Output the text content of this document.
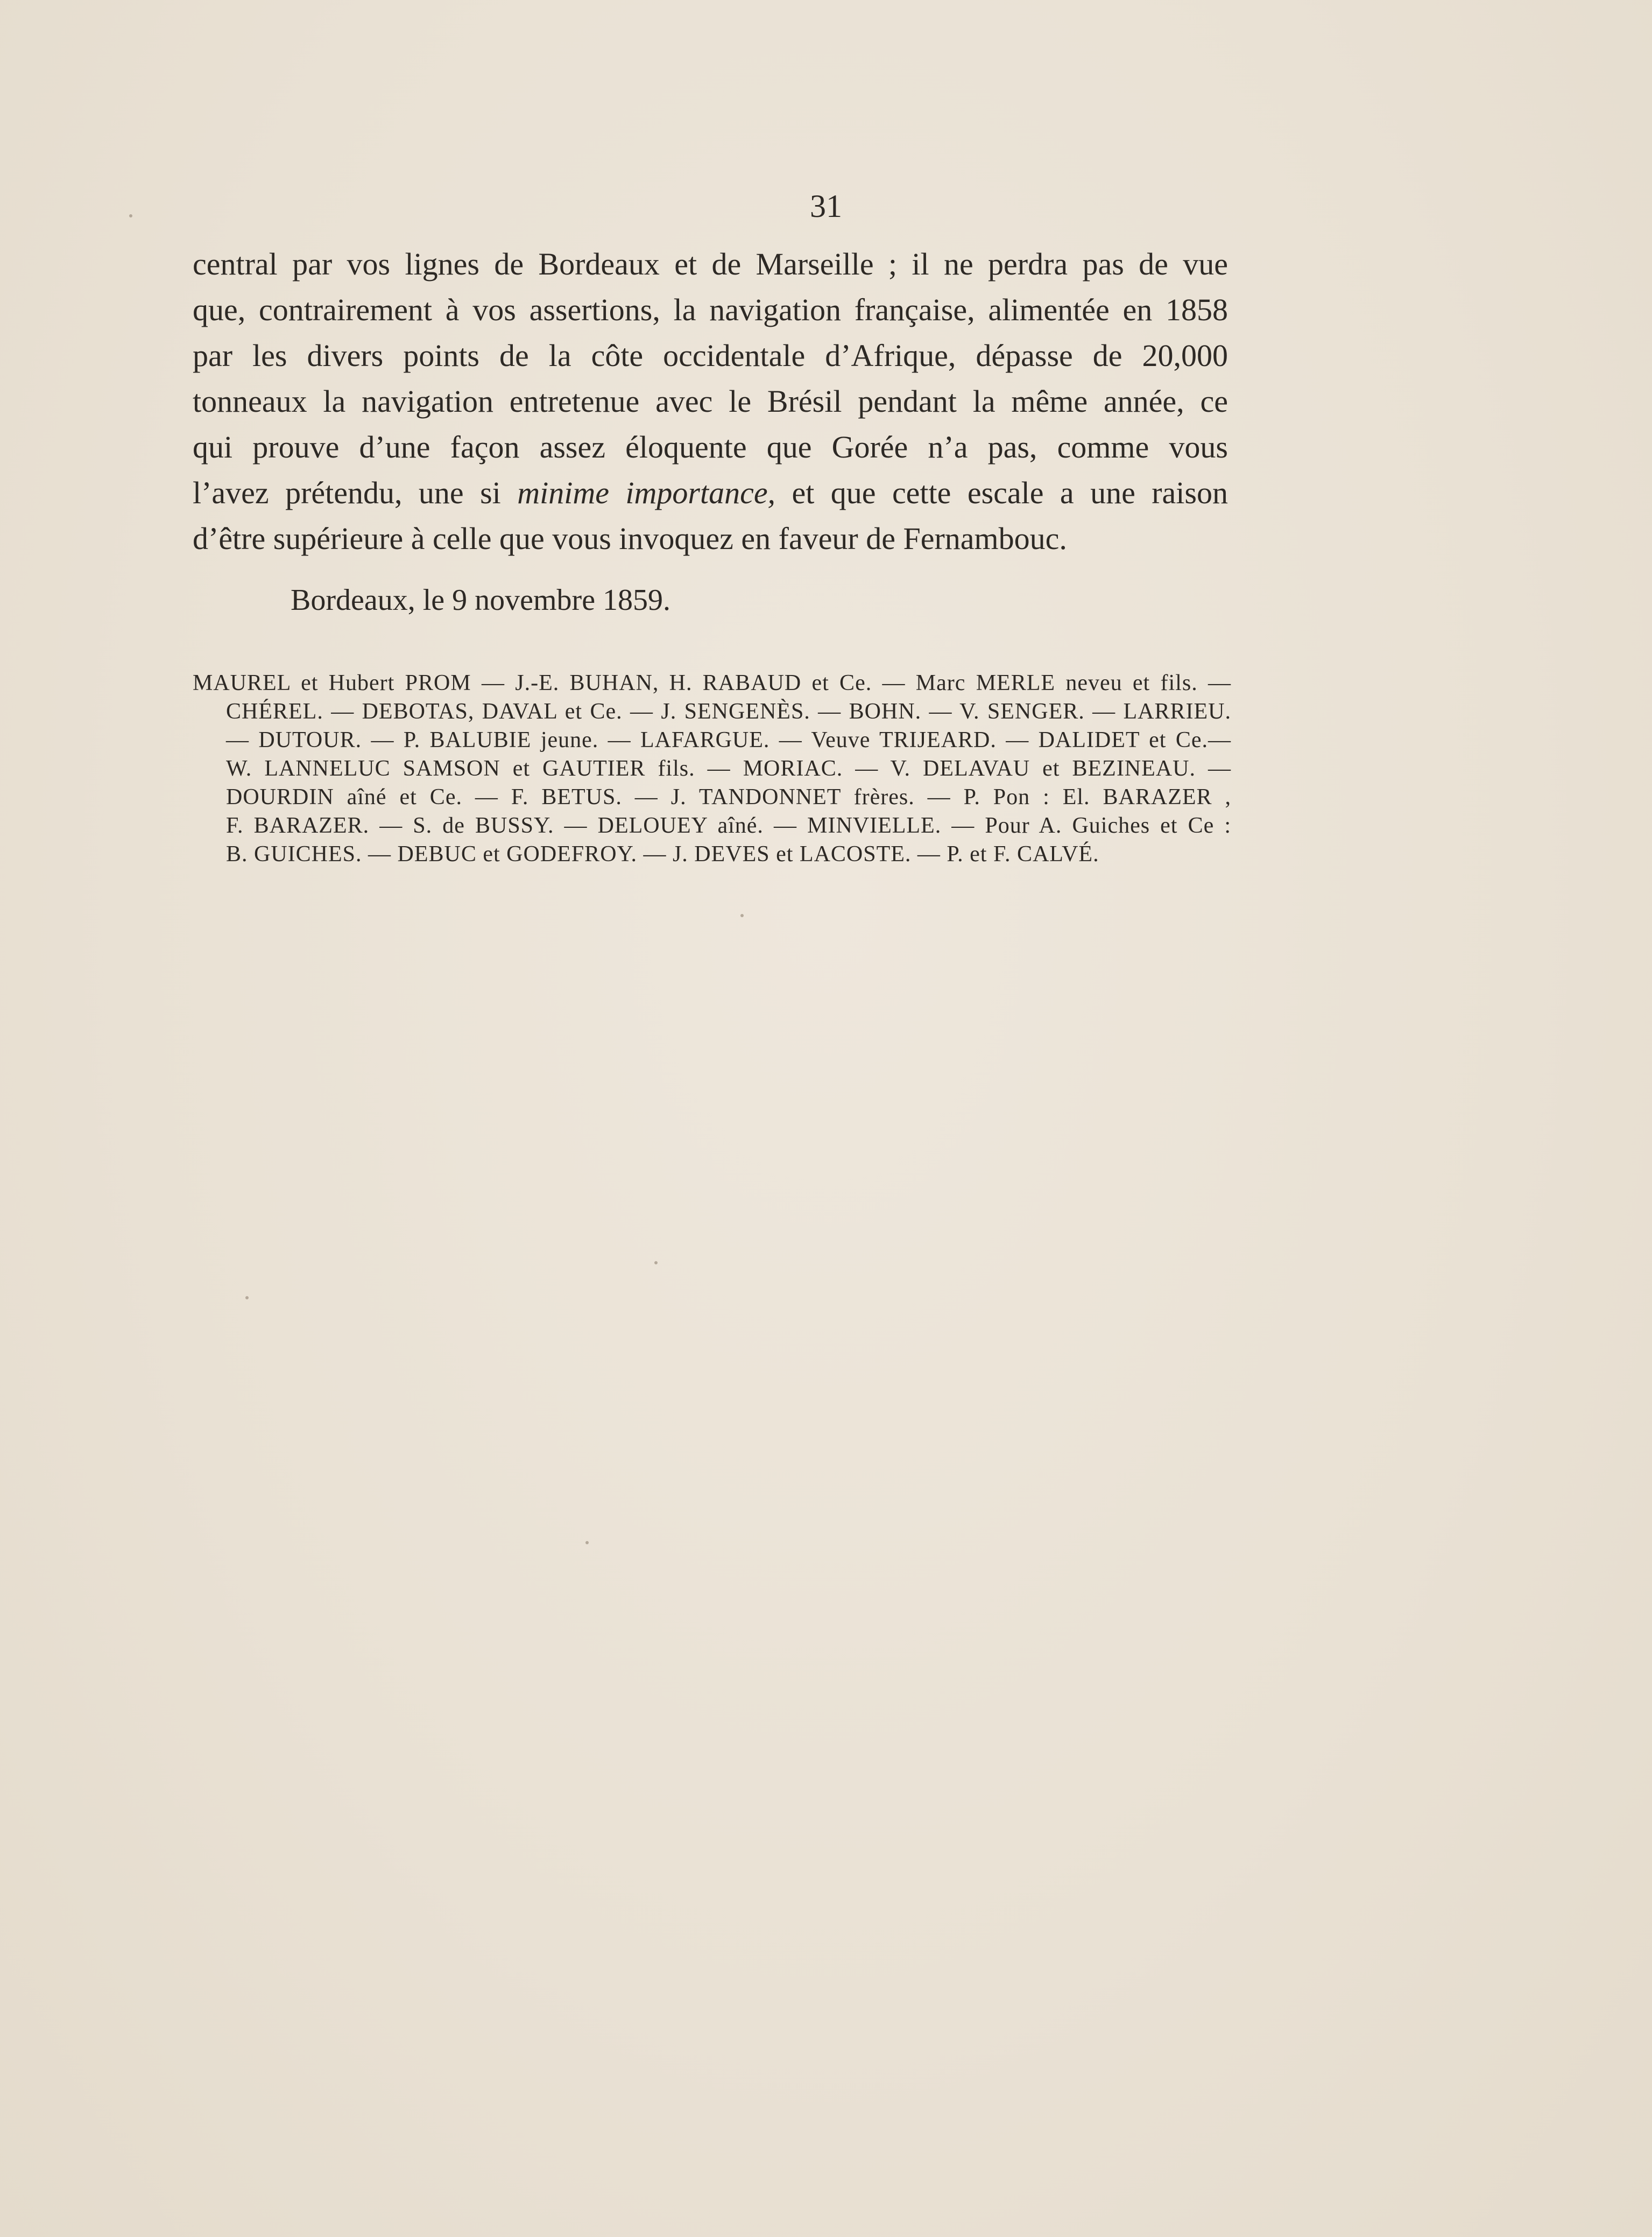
31
central par vos lignes de Bordeaux et de Marseille ; il ne perdra pas de vue
que, contrairement à vos assertions, la navigation française, alimentée en 1858
par les divers points de la côte occidentale d’Afrique, dépasse de 20,000
tonneaux la navigation entretenue avec le Brésil pendant la même année, ce
qui prouve d’une façon assez éloquente que Gorée n’a pas, comme vous
l’avez prétendu, une si minime importance, et que cette escale a une raison
d’être supérieure à celle que vous invoquez en faveur de Fernambouc.
Bordeaux, le 9 novembre 1859.
MAUREL et Hubert PROM — J.-E. BUHAN, H. RABAUD et Ce. — Marc MERLE neveu et fils. —
CHÉREL. — DEBOTAS, DAVAL et Ce. — J. SENGENÈS. — BOHN. — V. SENGER. — LARRIEU.
— DUTOUR. — P. BALUBIE jeune. — LAFARGUE. — Veuve TRIJEARD. — DALIDET et Ce.—
W. LANNELUC SAMSON et GAUTIER fils. — MORIAC. — V. DELAVAU et BEZINEAU. —
DOURDIN aîné et Ce. — F. BETUS. — J. TANDONNET frères. — P. Pon : El. BARAZER ,
F. BARAZER. — S. de BUSSY. — DELOUEY aîné. — MINVIELLE. — Pour A. Guiches et Ce :
B. GUICHES. — DEBUC et GODEFROY. — J. DEVES et LACOSTE. — P. et F. CALVÉ.
